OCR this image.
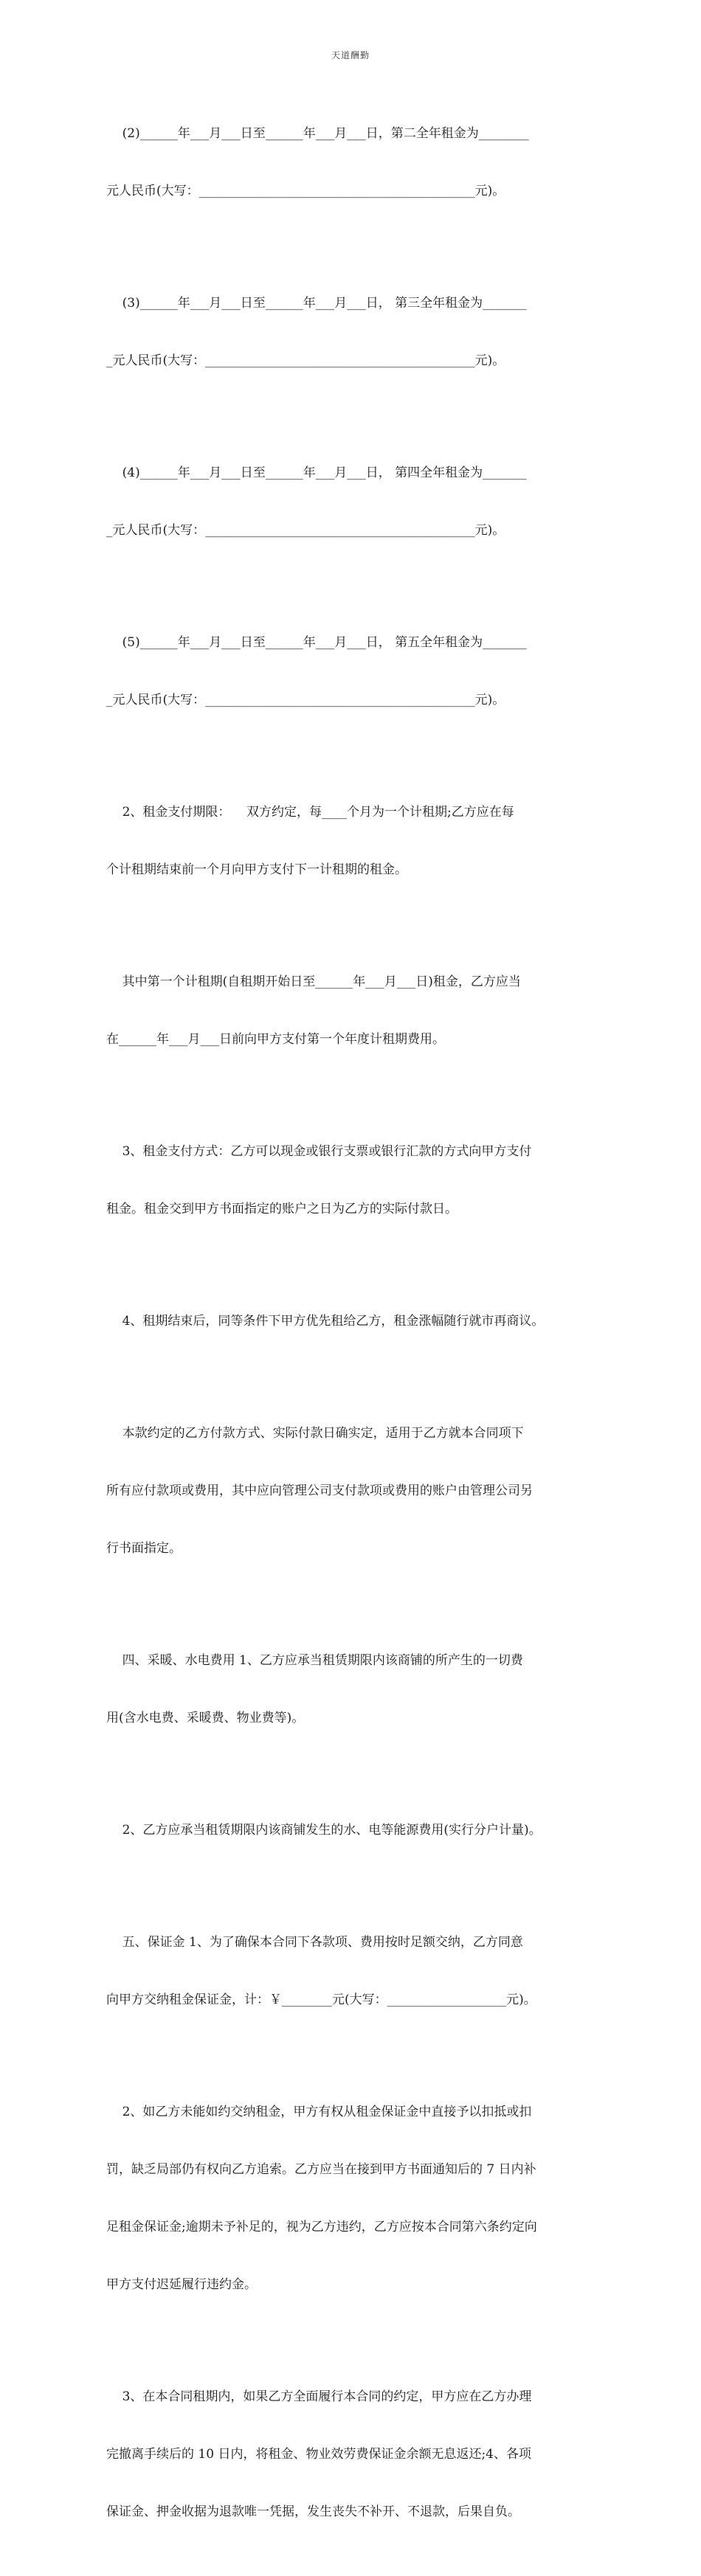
天道酬勤

(2)______年___月___日至______年___月___日，第二全年租金为________

元人民币(大写：____________________________________________元)。

(3)______年___月___日至______年___月___日， 第三全年租金为_______

_元人民币(大写：___________________________________________元)。

(4)______年___月___日至______年___月___日， 第四全年租金为_______

_元人民币(大写：___________________________________________元)。

(5)______年___月___日至______年___月___日， 第五全年租金为_______

_元人民币(大写：___________________________________________元)。

2、租金支付期限：    双方约定，每____个月为一个计租期;乙方应在每

个计租期结束前一个月向甲方支付下一计租期的租金。

其中第一个计租期(自租期开始日至______年___月___日)租金，乙方应当

在______年___月___日前向甲方支付第一个年度计租期费用。

3、租金支付方式：乙方可以现金或银行支票或银行汇款的方式向甲方支付

租金。租金交到甲方书面指定的账户之日为乙方的实际付款日。

4、租期结束后，同等条件下甲方优先租给乙方，租金涨幅随行就市再商议。

本款约定的乙方付款方式、实际付款日确实定，适用于乙方就本合同项下

所有应付款项或费用，其中应向管理公司支付款项或费用的账户由管理公司另

行书面指定。

四、采暖、水电费用 1、乙方应承当租赁期限内该商铺的所产生的一切费

用(含水电费、采暖费、物业费等)。

2、乙方应承当租赁期限内该商铺发生的水、电等能源费用(实行分户计量)。

五、保证金 1、为了确保本合同下各款项、费用按时足额交纳，乙方同意

向甲方交纳租金保证金，计：￥________元(大写：___________________元)。

2、如乙方未能如约交纳租金，甲方有权从租金保证金中直接予以扣抵或扣

罚，缺乏局部仍有权向乙方追索。乙方应当在接到甲方书面通知后的 7 日内补

足租金保证金;逾期未予补足的，视为乙方违约，乙方应按本合同第六条约定向

甲方支付迟延履行违约金。

3、在本合同租期内，如果乙方全面履行本合同的约定，甲方应在乙方办理

完撤离手续后的 10 日内，将租金、物业效劳费保证金余额无息返还;4、各项

保证金、押金收据为退款唯一凭据，发生丧失不补开、不退款，后果自负。
